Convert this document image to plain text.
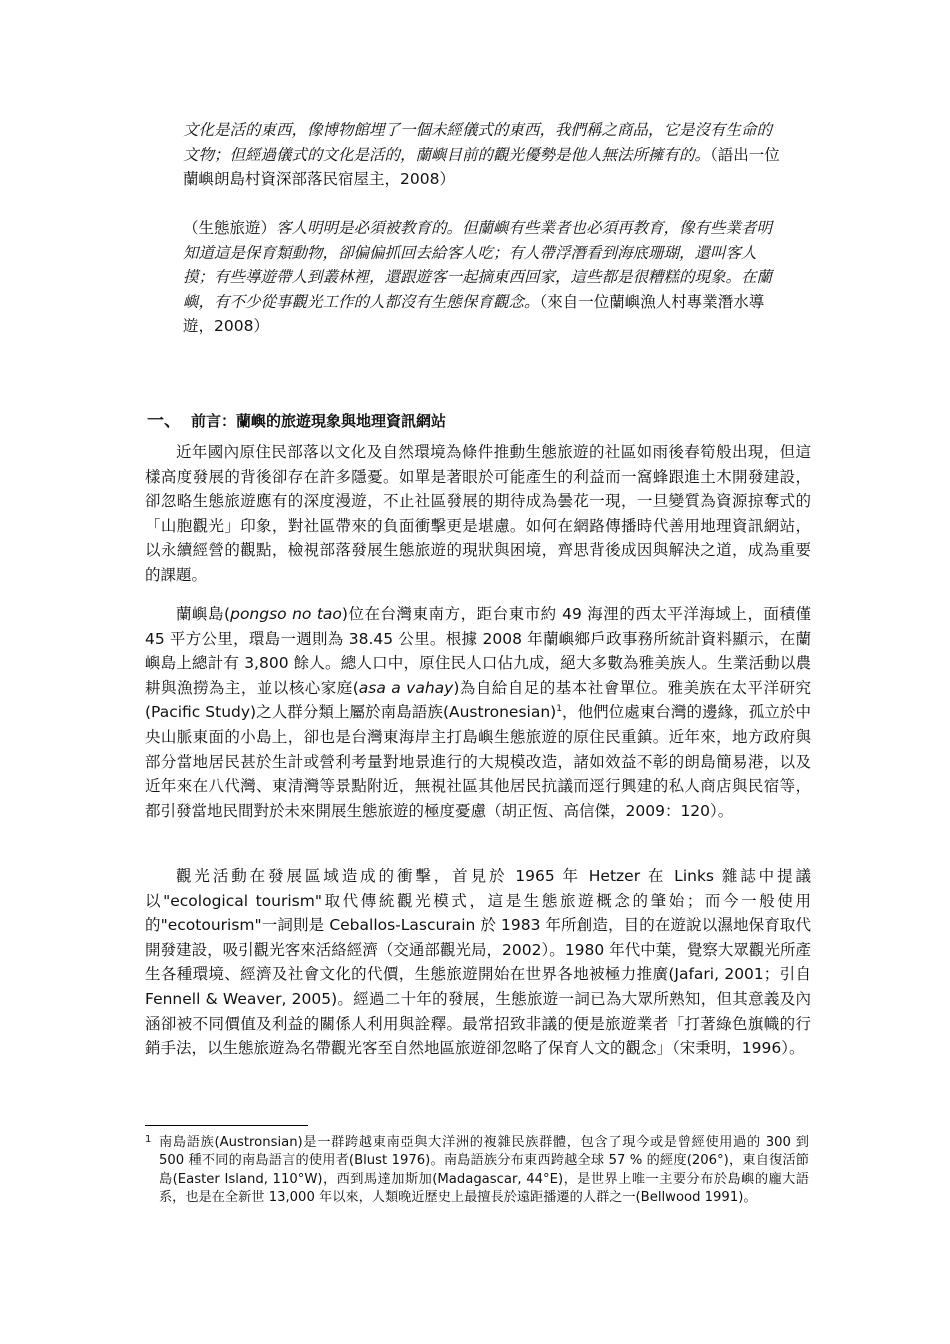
文化是活的東西，像博物館埋了一個未經儀式的東西，我們稱之商品，它是沒有生命的文物；但經過儀式的文化是活的，蘭嶼目前的觀光優勢是他人無法所擁有的。（語出一位蘭嶼朗島村資深部落民宿屋主，2008）

（生態旅遊）客人明明是必須被教育的。但蘭嶼有些業者也必須再教育，像有些業者明知道這是保育類動物，卻偏偏抓回去給客人吃；有人帶浮潛看到海底珊瑚，還叫客人摸；有些導遊帶人到叢林裡，還跟遊客一起摘東西回家，這些都是很糟糕的現象。在蘭嶼，有不少從事觀光工作的人都沒有生態保育觀念。（來自一位蘭嶼漁人村專業潛水導遊，2008）

一、 前言：蘭嶼的旅遊現象與地理資訊網站

近年國內原住民部落以文化及自然環境為條件推動生態旅遊的社區如雨後春筍般出現，但這樣高度發展的背後卻存在許多隱憂。如單是著眼於可能產生的利益而一窩蜂跟進土木開發建設，卻忽略生態旅遊應有的深度漫遊，不止社區發展的期待成為曇花一現，一旦變質為資源掠奪式的「山胞觀光」印象，對社區帶來的負面衝擊更是堪慮。如何在網路傳播時代善用地理資訊網站，以永續經營的觀點，檢視部落發展生態旅遊的現狀與困境，齊思背後成因與解決之道，成為重要的課題。

蘭嶼島(pongso no tao)位在台灣東南方，距台東市約 49 海浬的西太平洋海域上，面積僅 45 平方公里，環島一週則為 38.45 公里。根據 2008 年蘭嶼鄉戶政事務所統計資料顯示，在蘭嶼島上總計有 3,800 餘人。總人口中，原住民人口佔九成，絕大多數為雅美族人。生業活動以農耕與漁撈為主，並以核心家庭(asa a vahay)為自給自足的基本社會單位。雅美族在太平洋研究(Pacific Study)之人群分類上屬於南島語族(Austronesian)$^1$，他們位處東台灣的邊緣，孤立於中央山脈東面的小島上，卻也是台灣東海岸主打島嶼生態旅遊的原住民重鎮。近年來，地方政府與部分當地居民甚於生計或營利考量對地景進行的大規模改造，諸如效益不彰的朗島簡易港，以及近年來在八代灣、東清灣等景點附近，無視社區其他居民抗議而逕行興建的私人商店與民宿等，都引發當地民間對於未來開展生態旅遊的極度憂慮（胡正恆、高信傑，2009：120）。

觀光活動在發展區域造成的衝擊，首見於 1965 年 Hetzer 在 Links 雜誌中提議以"ecological tourism"取代傳統觀光模式，這是生態旅遊概念的肇始；而今一般使用的"ecotourism"一詞則是 Ceballos-Lascurain 於 1983 年所創造，目的在遊說以濕地保育取代開發建設，吸引觀光客來活絡經濟（交通部觀光局，2002）。1980 年代中葉，覺察大眾觀光所產生各種環境、經濟及社會文化的代價，生態旅遊開始在世界各地被極力推廣(Jafari, 2001；引自 Fennell & Weaver, 2005)。經過二十年的發展，生態旅遊一詞已為大眾所熟知，但其意義及內涵卻被不同價值及利益的關係人利用與詮釋。最常招致非議的便是旅遊業者「打著綠色旗幟的行銷手法，以生態旅遊為名帶觀光客至自然地區旅遊卻忽略了保育人文的觀念」（宋秉明，1996）。

1 南島語族(Austronsian)是一群跨越東南亞與大洋洲的複雜民族群體，包含了現今或是曾經使用過的 300 到 500 種不同的南島語言的使用者(Blust 1976)。南島語族分布東西跨越全球 57 % 的經度(206°)，東自復活節島(Easter Island, 110°W)，西到馬達加斯加(Madagascar, 44°E)，是世界上唯一主要分布於島嶼的龐大語系，也是在全新世 13,000 年以來，人類晚近歷史上最擅長於遠距播遷的人群之一(Bellwood 1991)。
